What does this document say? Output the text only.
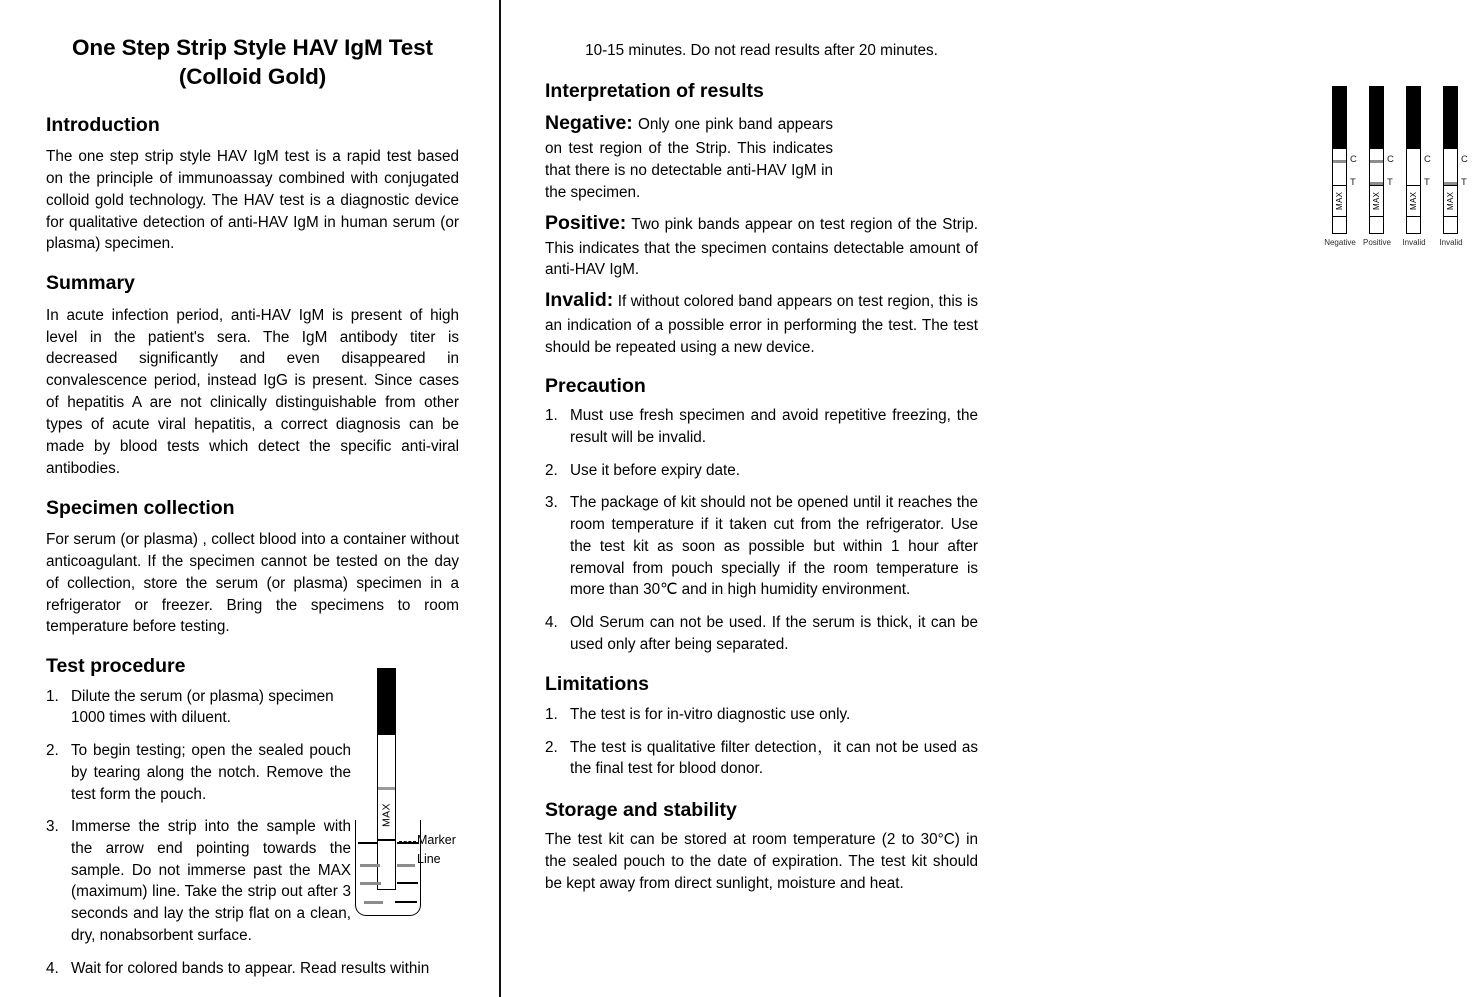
One Step Strip Style HAV IgM Test (Colloid Gold)
Introduction

The one step strip style HAV IgM test is a rapid test based on the principle of immunoassay combined with conjugated colloid gold technology. The HAV test is a diagnostic device for qualitative detection of anti-HAV IgM in human serum (or plasma) specimen.

Summary

In acute infection period, anti-HAV IgM is present of high level in the patient's sera. The IgM antibody titer is decreased significantly and even disappeared in convalescence period, instead IgG is present. Since cases of hepatitis A are not clinically distinguishable from other types of acute viral hepatitis, a correct diagnosis can be made by blood tests which detect the specific anti-viral antibodies.

Specimen collection

For serum (or plasma) , collect blood into a container without anticoagulant. If the specimen cannot be tested on the day of collection, store the serum (or plasma) specimen in a refrigerator or freezer. Bring the specimens to room temperature before testing.

Test procedure
Dilute the serum (or plasma) specimen 1000 times with diluent.
To begin testing; open the sealed pouch by tearing along the notch. Remove the test form the pouch.
Immerse the strip into the sample with the arrow end pointing towards the sample. Do not immerse past the MAX (maximum) line. Take the strip out after 3 seconds and lay the strip flat on a clean, dry, nonabsorbent surface.
Wait for colored bands to appear. Read results within
MAX
Marker
Line

10-15 minutes. Do not read results after 20 minutes.

Interpretation of results

Negative: Only one pink band appears on test region of the Strip. This indicates that there is no detectable anti-HAV IgM in the specimen.

Positive: Two pink bands appear on test region of the Strip. This indicates that the specimen contains detectable amount of anti-HAV IgM.

Invalid: If without colored band appears on test region, this is an indication of a possible error in performing the test. The test should be repeated using a new device.

Precaution
Must use fresh specimen and avoid repetitive freezing, the result will be invalid.
Use it before expiry date.
The package of kit should not be opened until it reaches the room temperature if it taken cut from the refrigerator. Use the test kit as soon as possible but within 1 hour after removal from pouch specially if the room temperature is more than 30℃ and in high humidity environment.
Old Serum can not be used. If the serum is thick, it can be used only after being separated.
Limitations
The test is for in-vitro diagnostic use only.
The test is qualitative filter detection，it can not be used as the final test for blood donor.
Storage and stability

The test kit can be stored at room temperature (2 to 30°C) in the sealed pouch to the date of expiration. The test kit should be kept away from direct sunlight, moisture and heat.

MAX
C
T
Negative
MAX
C
T
Positive
MAX
C
T
Invalid
MAX
C
T
Invalid
